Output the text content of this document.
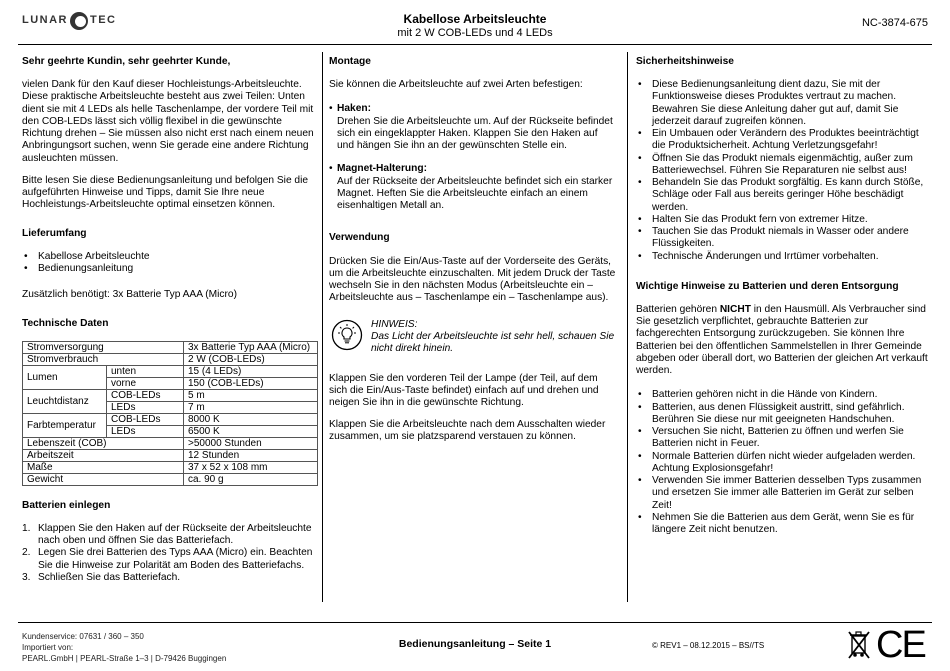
LUNAR TEC	Kabellose Arbeitsleuchte
mit 2 W COB-LEDs und 4 LEDs
NC-3874-675
Sehr geehrte Kundin, sehr geehrter Kunde,

vielen Dank für den Kauf dieser Hochleistungs-Arbeitsleuchte. Diese praktische Arbeitsleuchte besteht aus zwei Teilen: Unten dient sie mit 4 LEDs als helle Taschenlampe, der vordere Teil mit den COB-LEDs lässt sich völlig flexibel in die gewünschte Richtung drehen – Sie müssen also nicht erst nach einem neuen Anbringungsort suchen, wenn Sie gerade eine andere Richtung ausleuchten müssen.

Bitte lesen Sie diese Bedienungsanleitung und befolgen Sie die aufgeführten Hinweise und Tipps, damit Sie Ihre neue Hochleistungs-Arbeitsleuchte optimal einsetzen können.

Lieferumfang
• Kabellose Arbeitsleuchte
• Bedienungsanleitung

Zusätzlich benötigt: 3x Batterie Typ AAA (Micro)

Technische Daten
Stromversorgung		3x Batterie Typ AAA (Micro)
Stromverbrauch		2 W (COB-LEDs)
Lumen	unten	15 (4 LEDs)
	vorne	150 (COB-LEDs)
Leuchtdistanz	COB-LEDs	5 m
	LEDs	7 m
Farbtemperatur	COB-LEDs	8000 K
	LEDs	6500 K
Lebenszeit (COB)		>50000 Stunden
Arbeitszeit		12 Stunden
Maße		37 x 52 x 108 mm
Gewicht		ca. 90 g
Batterien einlegen
1. Klappen Sie den Haken auf der Rückseite der Arbeitsleuchte nach oben und öffnen Sie das Batteriefach.
2. Legen Sie drei Batterien des Typs AAA (Micro) ein. Beachten Sie die Hinweise zur Polarität am Boden des Batteriefachs.
3. Schließen Sie das Batteriefach.
Montage

Sie können die Arbeitsleuchte auf zwei Arten befestigen:

• Haken:
Drehen Sie die Arbeitsleuchte um. Auf der Rückseite befindet sich ein eingeklappter Haken. Klappen Sie den Haken auf und hängen Sie ihn an der gewünschten Stelle ein.
• Magnet-Halterung:
Auf der Rückseite der Arbeitsleuchte befindet sich ein starker Magnet. Heften Sie die Arbeitsleuchte einfach an einem eisenhaltigen Metall an.
Verwendung

Drücken Sie die Ein/Aus-Taste auf der Vorderseite des Geräts, um die Arbeitsleuchte einzuschalten. Mit jedem Druck der Taste wechseln Sie in den nächsten Modus (Arbeitsleuchte ein – Arbeitsleuchte aus – Taschenlampe ein – Taschenlampe aus).

HINWEIS:
Das Licht der Arbeitsleuchte ist sehr hell, schauen Sie nicht direkt hinein.

Klappen Sie den vorderen Teil der Lampe (der Teil, auf dem sich die Ein/Aus-Taste befindet) einfach auf und drehen und neigen Sie ihn in die gewünschte Richtung.

Klappen Sie die Arbeitsleuchte nach dem Ausschalten wieder zusammen, um sie platzsparend verstauen zu können.

Sicherheitshinweise
• Diese Bedienungsanleitung dient dazu, Sie mit der Funktionsweise dieses Produktes vertraut zu machen. Bewahren Sie diese Anleitung daher gut auf, damit Sie jederzeit darauf zugreifen können.
• Ein Umbauen oder Verändern des Produktes beeinträchtigt die Produktsicherheit. Achtung Verletzungsgefahr!
• Öffnen Sie das Produkt niemals eigenmächtig, außer zum Batteriewechsel. Führen Sie Reparaturen nie selbst aus!
• Behandeln Sie das Produkt sorgfältig. Es kann durch Stöße, Schläge oder Fall aus bereits geringer Höhe beschädigt werden.
• Halten Sie das Produkt fern von extremer Hitze.
• Tauchen Sie das Produkt niemals in Wasser oder andere Flüssigkeiten.
• Technische Änderungen und Irrtümer vorbehalten.
Wichtige Hinweise zu Batterien und deren Entsorgung

Batterien gehören NICHT in den Hausmüll. Als Verbraucher sind Sie gesetzlich verpflichtet, gebrauchte Batterien zur fachgerechten Entsorgung zurückzugeben. Sie können Ihre Batterien bei den öffentlichen Sammelstellen in Ihrer Gemeinde abgeben oder überall dort, wo Batterien der gleichen Art verkauft werden.

• Batterien gehören nicht in die Hände von Kindern.
• Batterien, aus denen Flüssigkeit austritt, sind gefährlich. Berühren Sie diese nur mit geeigneten Handschuhen.
• Versuchen Sie nicht, Batterien zu öffnen und werfen Sie Batterien nicht in Feuer.
• Normale Batterien dürfen nicht wieder aufgeladen werden. Achtung Explosionsgefahr!
• Verwenden Sie immer Batterien desselben Typs zusammen und ersetzen Sie immer alle Batterien im Gerät zur selben Zeit!
• Nehmen Sie die Batterien aus dem Gerät, wenn Sie es für längere Zeit nicht benutzen.
Kundenservice: 07631 / 360 – 350
Importiert von:
PEARL.GmbH | PEARL-Straße 1–3 | D-79426 Buggingen
Bedienungsanleitung – Seite 1	© REV1 – 08.12.2015 – BS//TS	CE
